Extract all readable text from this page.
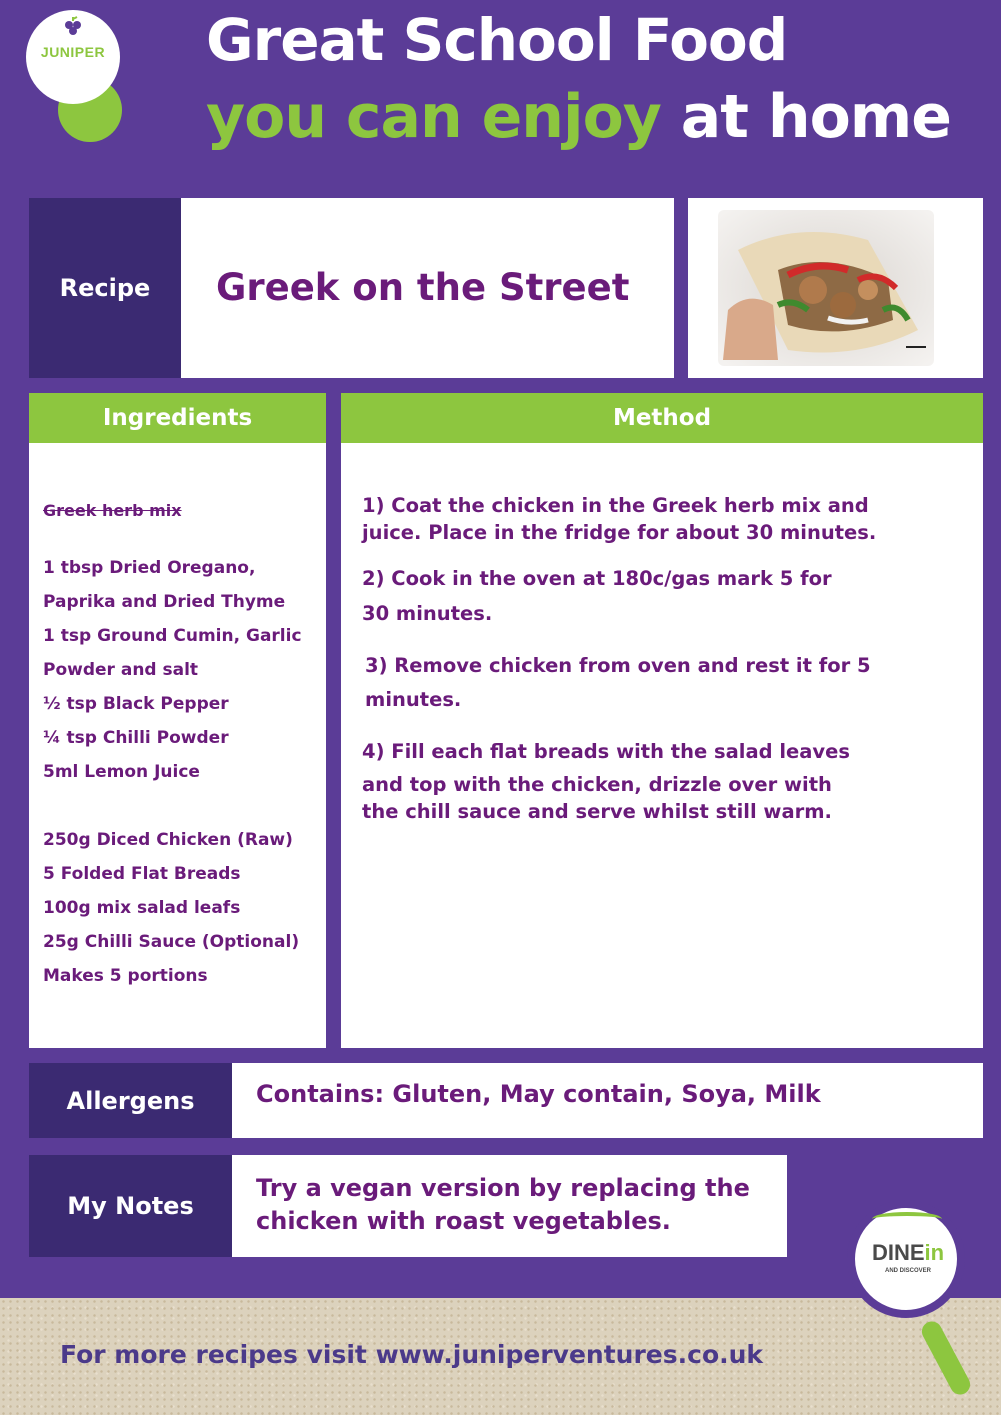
JUNIPER Great School Food
you can enjoy at home
Recipe	Greek on the Street
Ingredients
Greek herb mix
1 tbsp Dried Oregano,
Paprika and Dried Thyme
1 tsp Ground Cumin, Garlic
Powder and salt
½ tsp Black Pepper
¼ tsp Chilli Powder
5ml Lemon Juice
250g Diced Chicken (Raw)
5 Folded Flat Breads
100g mix salad leafs
25g Chilli Sauce (Optional)
Makes 5 portions
Method
1) Coat the chicken in the Greek herb mix and
juice. Place in the fridge for about 30 minutes.
2) Cook in the oven at 180c/gas mark 5 for
30 minutes.
3) Remove chicken from oven and rest it for 5
minutes.
4) Fill each flat breads with the salad leaves
and top with the chicken, drizzle over with
the chill sauce and serve whilst still warm.
Allergens	Contains: Gluten, May contain, Soya, Milk
My Notes
Try a vegan version by replacing the
chicken with roast vegetables.
For more recipes visit www.juniperventures.co.uk
DINEin
AND DISCOVER
